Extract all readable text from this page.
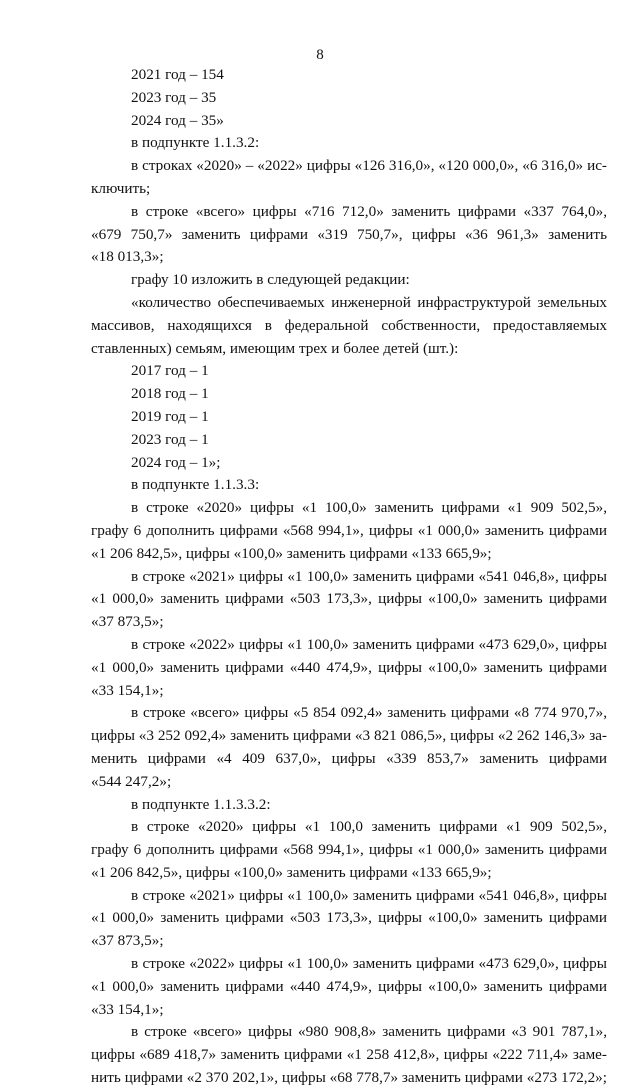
8
2021 год – 154
2023 год – 35
2024 год – 35»
в подпункте 1.1.3.2:
в строках «2020» – «2022» цифры «126 316,0», «120 000,0», «6 316,0» ис-
ключить;
в строке «всего» цифры «716 712,0» заменить цифрами «337 764,0»,
«679 750,7» заменить цифрами «319 750,7», цифры «36 961,3» заменить
«18 013,3»;
графу 10 изложить в следующей редакции:
«количество обеспечиваемых инженерной инфраструктурой земельных
массивов, находящихся в федеральной собственности, предоставляемых
ставленных) семьям, имеющим трех и более детей (шт.):
2017 год – 1
2018 год – 1
2019 год – 1
2023 год – 1
2024 год – 1»;
в подпункте 1.1.3.3:
в строке «2020» цифры «1 100,0» заменить цифрами «1 909 502,5»,
графу 6 дополнить цифрами «568 994,1», цифры «1 000,0» заменить цифрами
«1 206 842,5», цифры «100,0» заменить цифрами «133 665,9»;
в строке «2021» цифры «1 100,0» заменить цифрами «541 046,8», цифры
«1 000,0» заменить цифрами «503 173,3», цифры «100,0» заменить цифрами
«37 873,5»;
в строке «2022» цифры «1 100,0» заменить цифрами «473 629,0», цифры
«1 000,0» заменить цифрами «440 474,9», цифры «100,0» заменить цифрами
«33 154,1»;
в строке «всего» цифры «5 854 092,4» заменить цифрами «8 774 970,7»,
цифры «3 252 092,4» заменить цифрами «3 821 086,5», цифры «2 262 146,3» за-
менить цифрами «4 409 637,0», цифры «339 853,7» заменить цифрами
«544 247,2»;
в подпункте 1.1.3.3.2:
в строке «2020» цифры «1 100,0 заменить цифрами «1 909 502,5»,
графу 6 дополнить цифрами «568 994,1», цифры «1 000,0» заменить цифрами
«1 206 842,5», цифры «100,0» заменить цифрами «133 665,9»;
в строке «2021» цифры «1 100,0» заменить цифрами «541 046,8», цифры
«1 000,0» заменить цифрами «503 173,3», цифры «100,0» заменить цифрами
«37 873,5»;
в строке «2022» цифры «1 100,0» заменить цифрами «473 629,0», цифры
«1 000,0» заменить цифрами «440 474,9», цифры «100,0» заменить цифрами
«33 154,1»;
в строке «всего» цифры «980 908,8» заменить цифрами «3 901 787,1»,
цифры «689 418,7» заменить цифрами «1 258 412,8», цифры «222 711,4» заме-
нить цифрами «2 370 202,1», цифры «68 778,7» заменить цифрами «273 172,2»;
